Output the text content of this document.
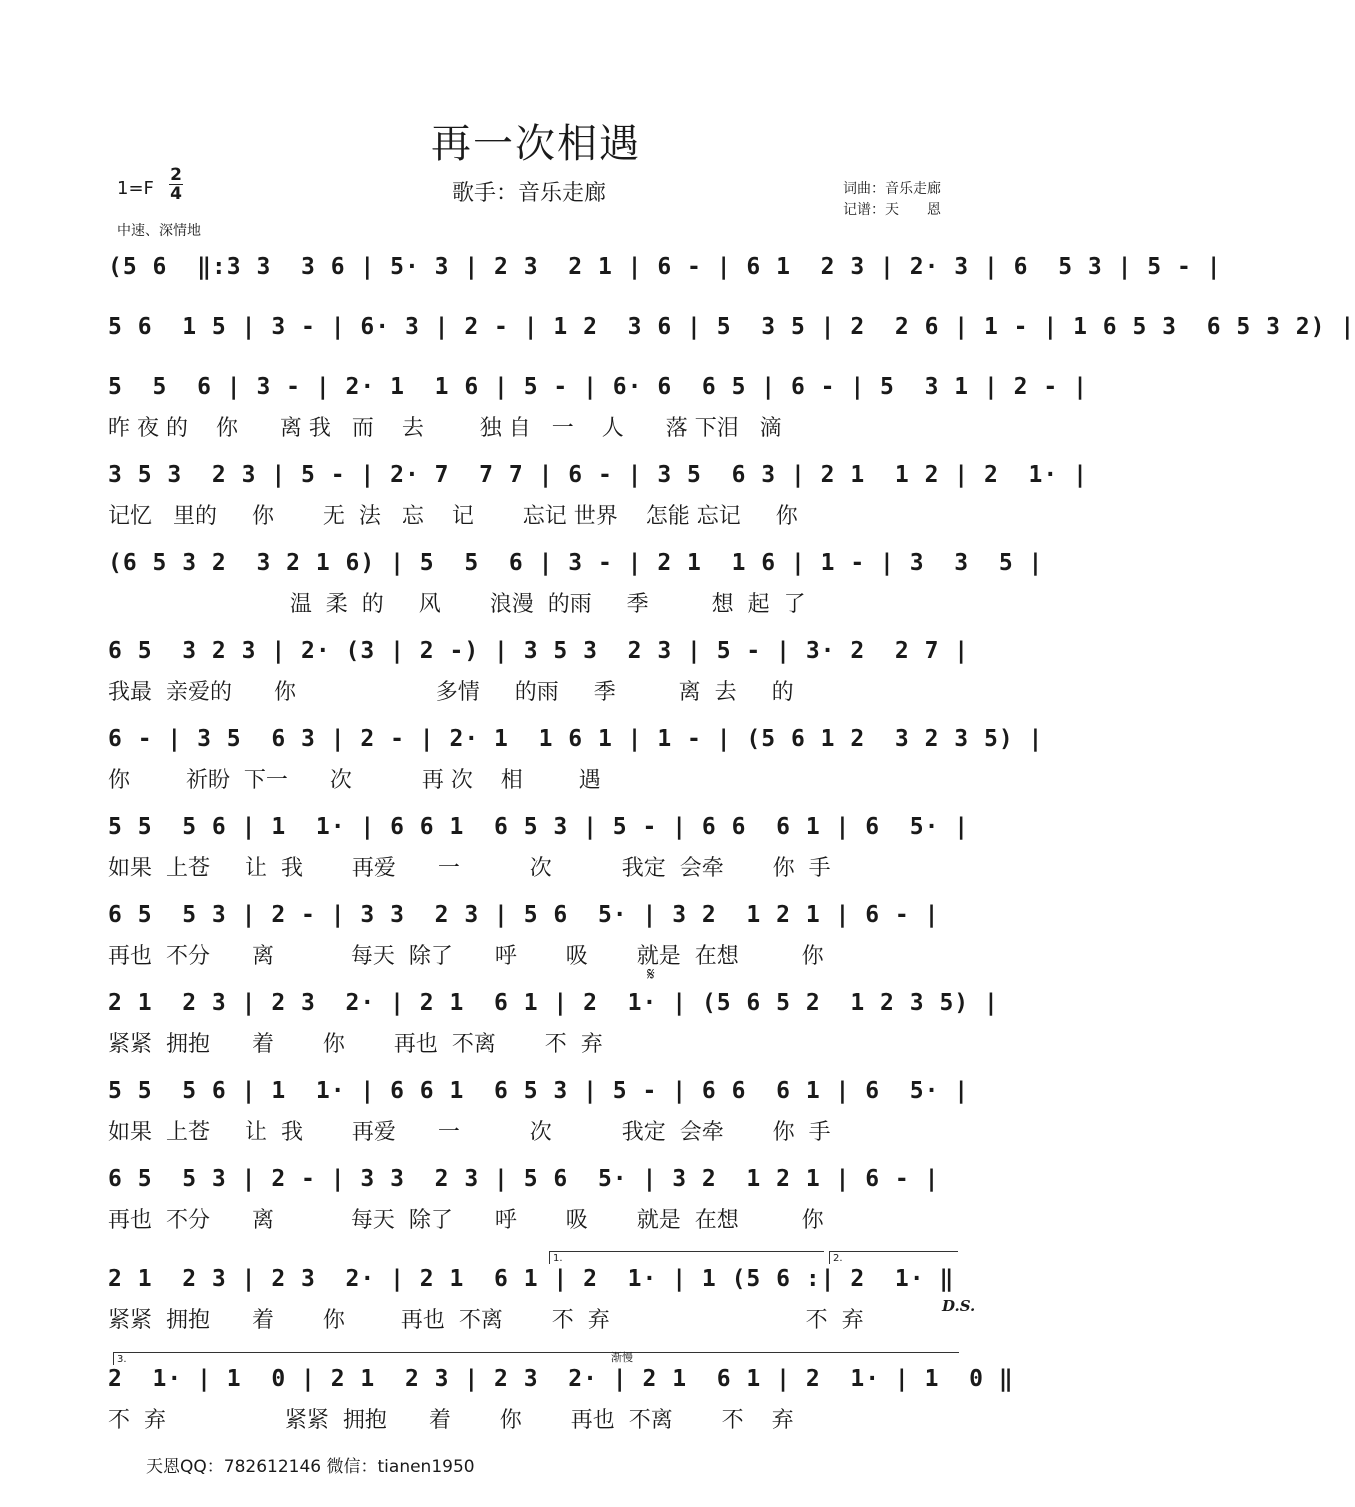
再一次相遇
歌手：音乐走廊	词曲：音乐走廊
记谱：天　　恩
1=F
2
4
中速、深情地
(5 6  ‖:3 3  3 6 | 5· 3 | 2 3  2 1 | 6 - | 6 1  2 3 | 2· 3 | 6  5 3 | 5 - |
5 6  1 5 | 3 - | 6· 3 | 2 - | 1 2  3 6 | 5  3 5 | 2  2 6 | 1 - | 1 6 5 3  6 5 3 2) |
5  5  6 | 3 - | 2· 1  1 6 | 5 - | 6· 6  6 5 | 6 - | 5  3 1 | 2 - |
昨 夜 的    你      离 我   而    去        独 自   一    人      落 下泪   滴
3 5 3  2 3 | 5 - | 2· 7  7 7 | 6 - | 3 5  6 3 | 2 1  1 2 | 2  1· |
记忆   里的     你       无  法   忘    记       忘记 世界    怎能 忘记     你
(6 5 3 2  3 2 1 6) | 5  5  6 | 3 - | 2 1  1 6 | 1 - | 3  3  5 |
温  柔  的     风       浪漫  的雨     季         想  起  了
6 5  3 2 3 | 2· (3 | 2 -) | 3 5 3  2 3 | 5 - | 3· 2  2 7 |
我最  亲爱的      你                    多情     的雨     季         离  去     的
6 - | 3 5  6 3 | 2 - | 2· 1  1 6 1 | 1 - | (5 6 1 2  3 2 3 5) |
你        祈盼  下一      次          再 次    相        遇
5 5  5 6 | 1  1· | 6 6 1  6 5 3 | 5 - | 6 6  6 1 | 6  5· |
如果  上苍     让  我       再爱      一          次          我定  会牵       你  手
6 5  5 3 | 2 - | 3 3  2 3 | 5 6  5· | 3 2  1 2 1 | 6 - |
再也  不分      离           每天  除了      呼       吸       就是  在想         你
2 1  2 3 | 2 3  2· | 2 1  6 1 | 2  1· | (5 6 5 2  1 2 3 5) |
紧紧  拥抱      着       你       再也  不离       不  弃
5 5  5 6 | 1  1· | 6 6 1  6 5 3 | 5 - | 6 6  6 1 | 6  5· |
如果  上苍     让  我       再爱      一          次          我定  会牵       你  手
6 5  5 3 | 2 - | 3 3  2 3 | 5 6  5· | 3 2  1 2 1 | 6 - |
再也  不分      离           每天  除了      呼       吸       就是  在想         你
1.	2.
2 1  2 3 | 2 3  2· | 2 1  6 1 | 2  1· | 1 (5 6 :| 2  1· ‖
紧紧  拥抱      着       你        再也  不离       不  弃                            不  弃
D.S.
3.	渐慢
2  1· | 1  0 | 2 1  2 3 | 2 3  2· | 2 1  6 1 | 2  1· | 1  0 ‖
不  弃                 紧紧  拥抱      着       你       再也  不离       不    弃
𝄋
天恩QQ：782612146 微信：tianen1950
